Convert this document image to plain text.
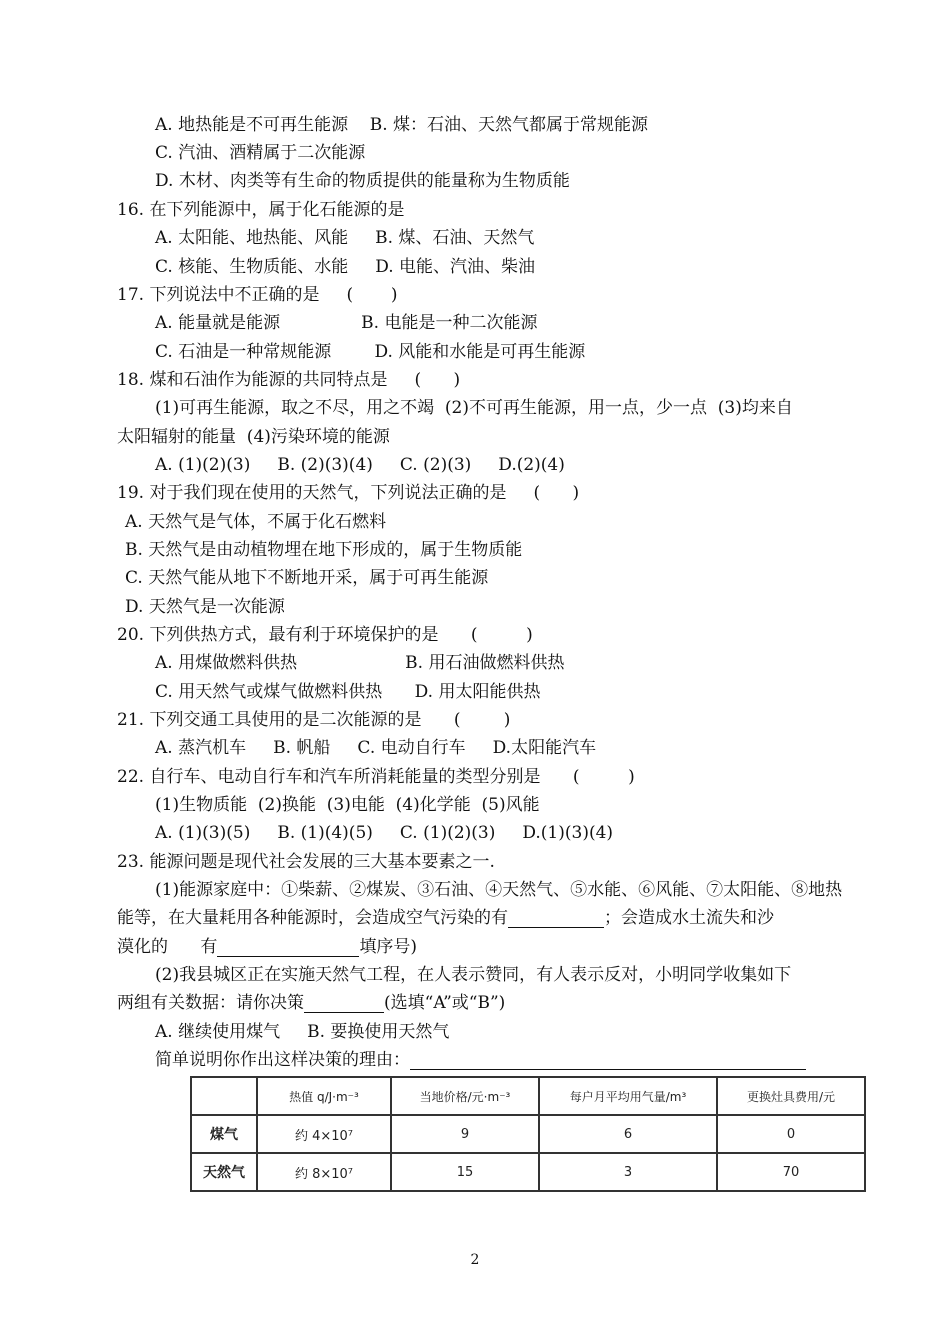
A. 地热能是不可再生能源    B. 煤：石油、天然气都属于常规能源
C. 汽油、酒精属于二次能源
D. 木材、肉类等有生命的物质提供的能量称为生物质能
16. 在下列能源中，属于化石能源的是
A. 太阳能、地热能、风能     B. 煤、石油、天然气
C. 核能、生物质能、水能     D. 电能、汽油、柴油
17. 下列说法中不正确的是     (       )
A. 能量就是能源               B. 电能是一种二次能源
C. 石油是一种常规能源        D. 风能和水能是可再生能源
18. 煤和石油作为能源的共同特点是     (      )
(1)可再生能源，取之不尽，用之不竭  (2)不可再生能源，用一点，少一点  (3)均来自
太阳辐射的能量  (4)污染环境的能源
A. (1)(2)(3)     B. (2)(3)(4)     C. (2)(3)     D.(2)(4)
19. 对于我们现在使用的天然气，下列说法正确的是     (      )
A. 天然气是气体，不属于化石燃料
B. 天然气是由动植物埋在地下形成的，属于生物质能
C. 天然气能从地下不断地开采，属于可再生能源
D. 天然气是一次能源
20. 下列供热方式，最有利于环境保护的是      (         )
A. 用煤做燃料供热                    B. 用石油做燃料供热
C. 用天然气或煤气做燃料供热      D. 用太阳能供热
21. 下列交通工具使用的是二次能源的是      (        )
A. 蒸汽机车     B. 帆船     C. 电动自行车     D.太阳能汽车
22. 自行车、电动自行车和汽车所消耗能量的类型分别是      (         )
(1)生物质能  (2)换能  (3)电能  (4)化学能  (5)风能
A. (1)(3)(5)     B. (1)(4)(5)     C. (1)(2)(3)     D.(1)(3)(4)
23. 能源问题是现代社会发展的三大基本要素之一.
(1)能源家庭中：①柴薪、②煤炭、③石油、④天然气、⑤水能、⑥风能、⑦太阳能、⑧地热
能等，在大量耗用各种能源时，会造成空气污染的有	；会造成水土流失和沙
漠化的      有	填序号)
(2)我县城区正在实施天然气工程，在人表示赞同，有人表示反对，小明同学收集如下
两组有关数据：请你决策	(选填“A”或“B”)
A. 继续使用煤气     B. 要换使用天然气
简单说明你作出这样决策的理由：
	热值 q/J·m⁻³	当地价格/元·m⁻³	每户月平均用气量/m³	更换灶具费用/元
煤气	约 4×10⁷	9	6	0
天然气	约 8×10⁷	15	3	70
2
